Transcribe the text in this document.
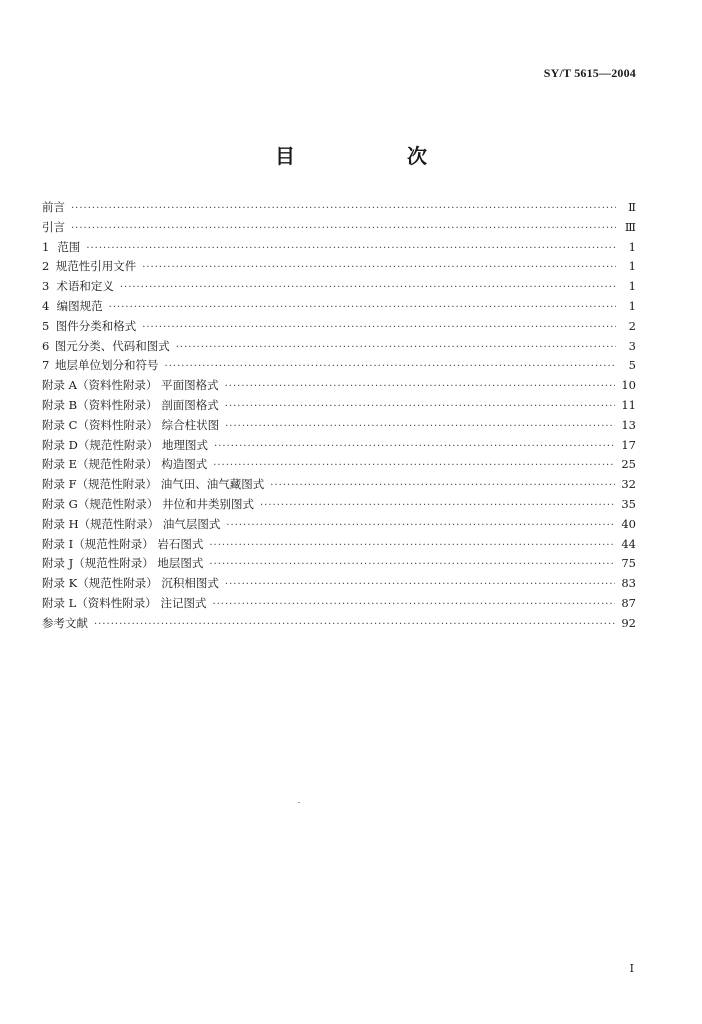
SY/T 5615—2004
目　次
前言 ·····	Ⅱ
引言 ·····	Ⅲ
1 范围 ·····	1
2 规范性引用文件 ·····	1
3 术语和定义 ·····	1
4 编图规范 ·····	1
5 图件分类和格式 ·····	2
6 图元分类、代码和图式 ·····	3
7 地层单位划分和符号 ·····	5
附录 A（资料性附录） 平面图格式 ·····	10
附录 B（资料性附录） 剖面图格式 ·····	11
附录 C（资料性附录） 综合柱状图 ·····	13
附录 D（规范性附录） 地理图式 ·····	17
附录 E（规范性附录） 构造图式 ·····	25
附录 F（规范性附录） 油气田、油气藏图式 ·····	32
附录 G（规范性附录） 井位和井类别图式 ·····	35
附录 H（规范性附录） 油气层图式 ·····	40
附录 I（规范性附录） 岩石图式 ·····	44
附录 J（规范性附录） 地层图式 ·····	75
附录 K（规范性附录） 沉积相图式 ·····	83
附录 L（资料性附录） 注记图式 ·····	87
参考文献 ·····	92
I
